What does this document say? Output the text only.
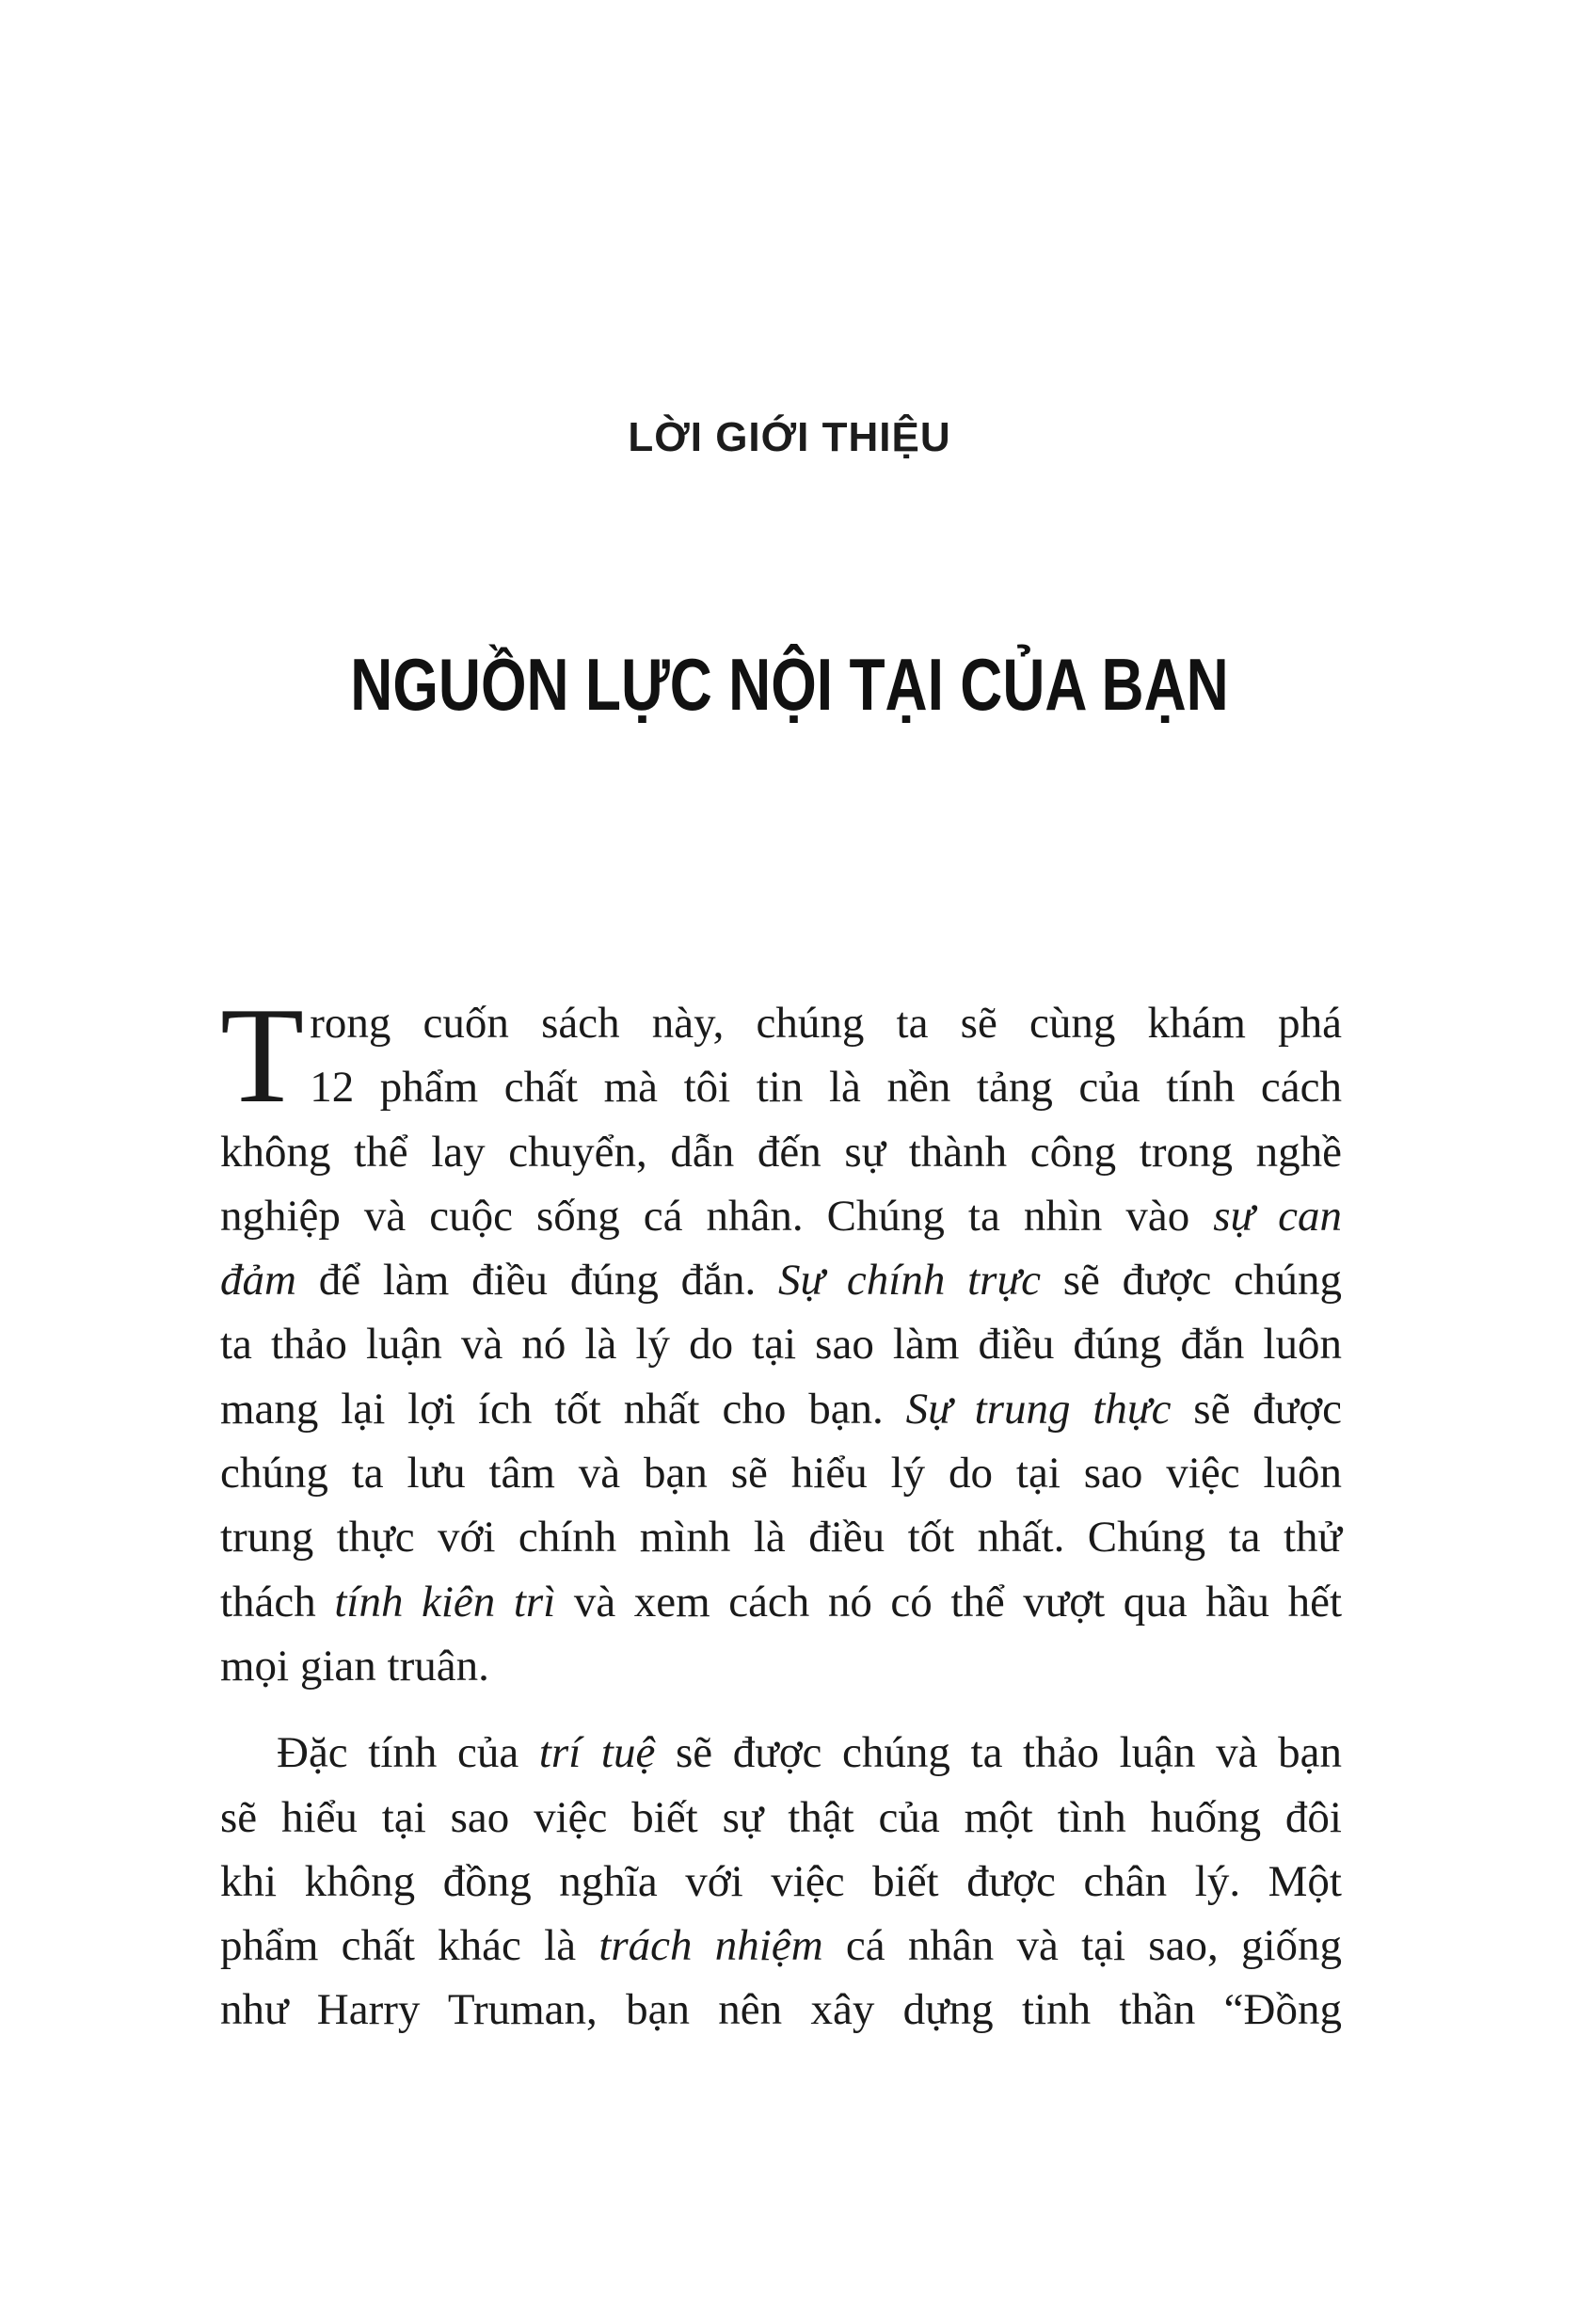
LỜI GIỚI THIỆU
NGUỒN LỰC NỘI TẠI CỦA BẠN
T rong cuốn sách này, chúng ta sẽ cùng khám phá
12 phẩm chất mà tôi tin là nền tảng của tính cách
không thể lay chuyển, dẫn đến sự thành công trong nghề
nghiệp và cuộc sống cá nhân. Chúng ta nhìn vào sự can
đảm để làm điều đúng đắn. Sự chính trực sẽ được chúng
ta thảo luận và nó là lý do tại sao làm điều đúng đắn luôn
mang lại lợi ích tốt nhất cho bạn. Sự trung thực sẽ được
chúng ta lưu tâm và bạn sẽ hiểu lý do tại sao việc luôn
trung thực với chính mình là điều tốt nhất. Chúng ta thử
thách tính kiên trì và xem cách nó có thể vượt qua hầu hết
mọi gian truân.
Đặc tính của trí tuệ sẽ được chúng ta thảo luận và bạn
sẽ hiểu tại sao việc biết sự thật của một tình huống đôi
khi không đồng nghĩa với việc biết được chân lý. Một
phẩm chất khác là trách nhiệm cá nhân và tại sao, giống
như Harry Truman, bạn nên xây dựng tinh thần “Đồng
